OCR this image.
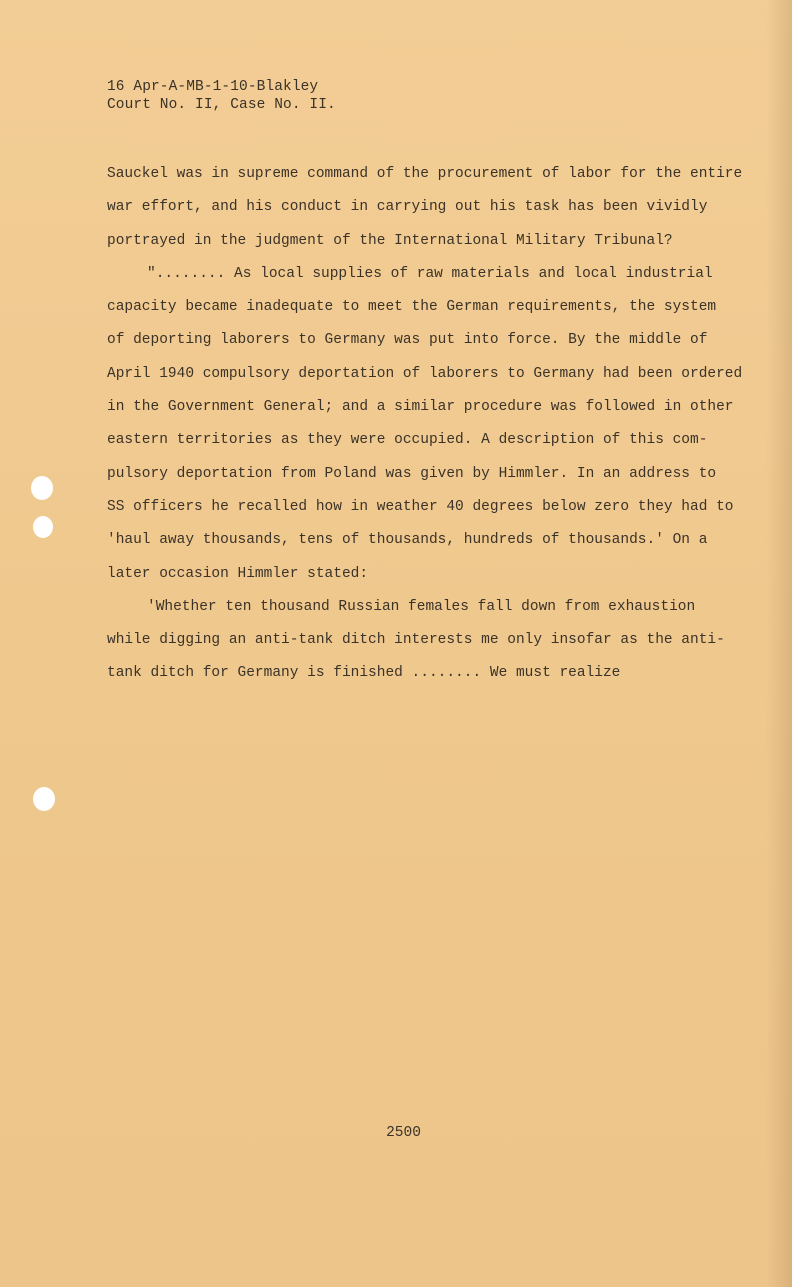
16 Apr-A-MB-1-10-Blakley
Court No. II, Case No. II.
Sauckel was in supreme command of the procurement of labor for the entire
war effort, and his conduct in carrying out his task has been vividly
portrayed in the judgment of the International Military Tribunal?
"........ As local supplies of raw materials and local industrial
capacity became inadequate to meet the German requirements, the system
of deporting laborers to Germany was put into force. By the middle of
April 1940 compulsory deportation of laborers to Germany had been ordered
in the Government General; and a similar procedure was followed in other
eastern territories as they were occupied. A description of this com-
pulsory deportation from Poland was given by Himmler. In an address to
SS officers he recalled how in weather 40 degrees below zero they had to
'haul away thousands, tens of thousands, hundreds of thousands.' On a
later occasion Himmler stated:
'Whether ten thousand Russian females fall down from exhaustion
while digging an anti-tank ditch interests me only insofar as the anti-
tank ditch for Germany is finished ........ We must realize
2500
